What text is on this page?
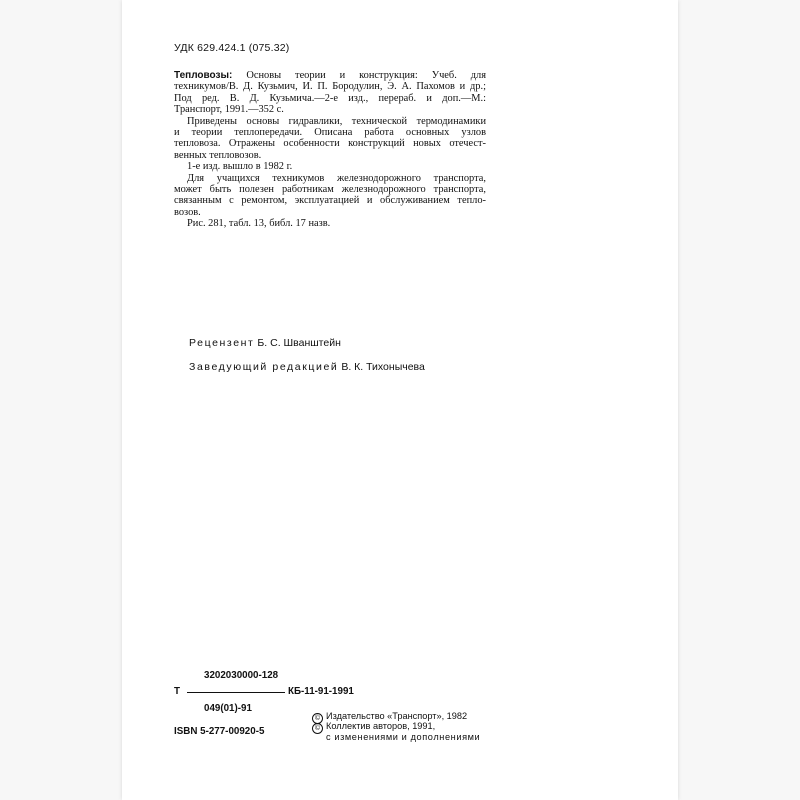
УДК 629.424.1 (075.32)

Тепловозы: Основы теории и конструкция: Учеб. для

техникумов/В. Д. Кузьмич, И. П. Бородулин, Э. А. Пахомов и др.;

Под ред. В. Д. Кузьмича.—2-е изд., перераб. и доп.—М.:

Транспорт, 1991.—352 с.

Приведены основы гидравлики, технической термодинамики

и теории теплопередачи. Описана работа основных узлов

тепловоза. Отражены особенности конструкций новых отечест-

венных тепловозов.

1-е изд. вышло в 1982 г.

Для учащихся техникумов железнодорожного транспорта,

может быть полезен работникам железнодорожного транспорта,

связанным с ремонтом, эксплуатацией и обслуживанием тепло-

возов.

Рис. 281, табл. 13, библ. 17 назв.

Рецензент Б. С. Шванштейн
Заведующий редакцией В. К. Тихонычева
3202030000-128
Т	КБ-11-91-1991
049(01)-91
ISBN 5-277-00920-5
© Издательство «Транспорт», 1982
© Коллектив авторов, 1991,
с изменениями и дополнениями
